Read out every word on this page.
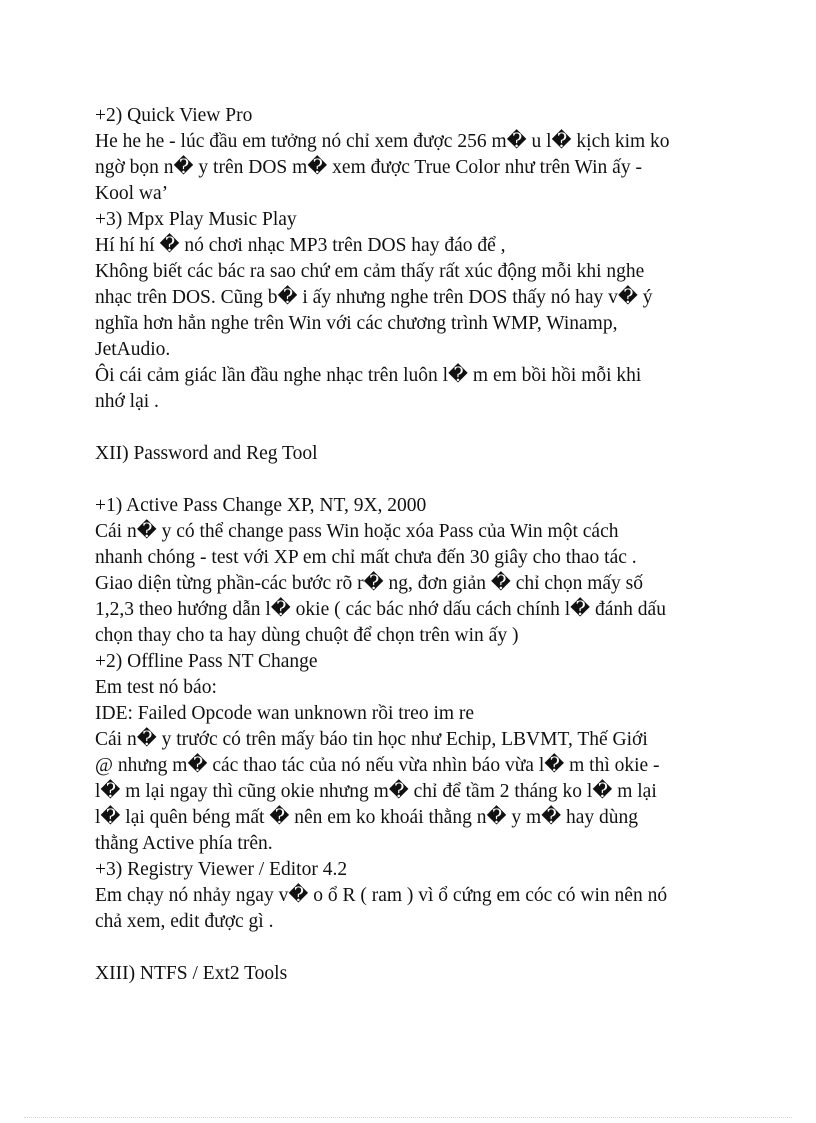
+2) Quick View Pro
He he he - lúc đầu em tưởng nó chỉ xem được 256 m� u l� kịch kim ko
ngờ bọn n� y trên DOS m� xem được True Color như trên Win ấy -
Kool wa’
+3) Mpx Play Music Play
Hí hí hí � nó chơi nhạc MP3 trên DOS hay đáo để ,
Không biết các bác ra sao chứ em cảm thấy rất xúc động mỗi khi nghe
nhạc trên DOS. Cũng b� i ấy nhưng nghe trên DOS thấy nó hay v� ý
nghĩa hơn hẳn nghe trên Win với các chương trình WMP, Winamp,
JetAudio.
Ôi cái cảm giác lần đầu nghe nhạc trên luôn l� m em bồi hồi mỗi khi
nhớ lại .
XII) Password and Reg Tool
+1) Active Pass Change XP, NT, 9X, 2000
Cái n� y có thể change pass Win hoặc xóa Pass của Win một cách
nhanh chóng - test với XP em chỉ mất chưa đến 30 giây cho thao tác .
Giao diện từng phần-các bước rõ r� ng, đơn giản � chỉ chọn mấy số
1,2,3 theo hướng dẫn l� okie ( các bác nhớ dấu cách chính l� đánh dấu
chọn thay cho ta hay dùng chuột để chọn trên win ấy )
+2) Offline Pass NT Change
Em test nó báo:
IDE: Failed Opcode wan unknown rồi treo im re
Cái n� y trước có trên mấy báo tin học như Echip, LBVMT, Thế Giới
@ nhưng m� các thao tác của nó nếu vừa nhìn báo vừa l� m thì okie -
l� m lại ngay thì cũng okie nhưng m� chỉ để tầm 2 tháng ko l� m lại
l� lại quên béng mất � nên em ko khoái thằng n� y m� hay dùng
thằng Active phía trên.
+3) Registry Viewer / Editor 4.2
Em chạy nó nhảy ngay v� o ổ R ( ram ) vì ổ cứng em cóc có win nên nó
chả xem, edit được gì .
XIII) NTFS / Ext2 Tools
